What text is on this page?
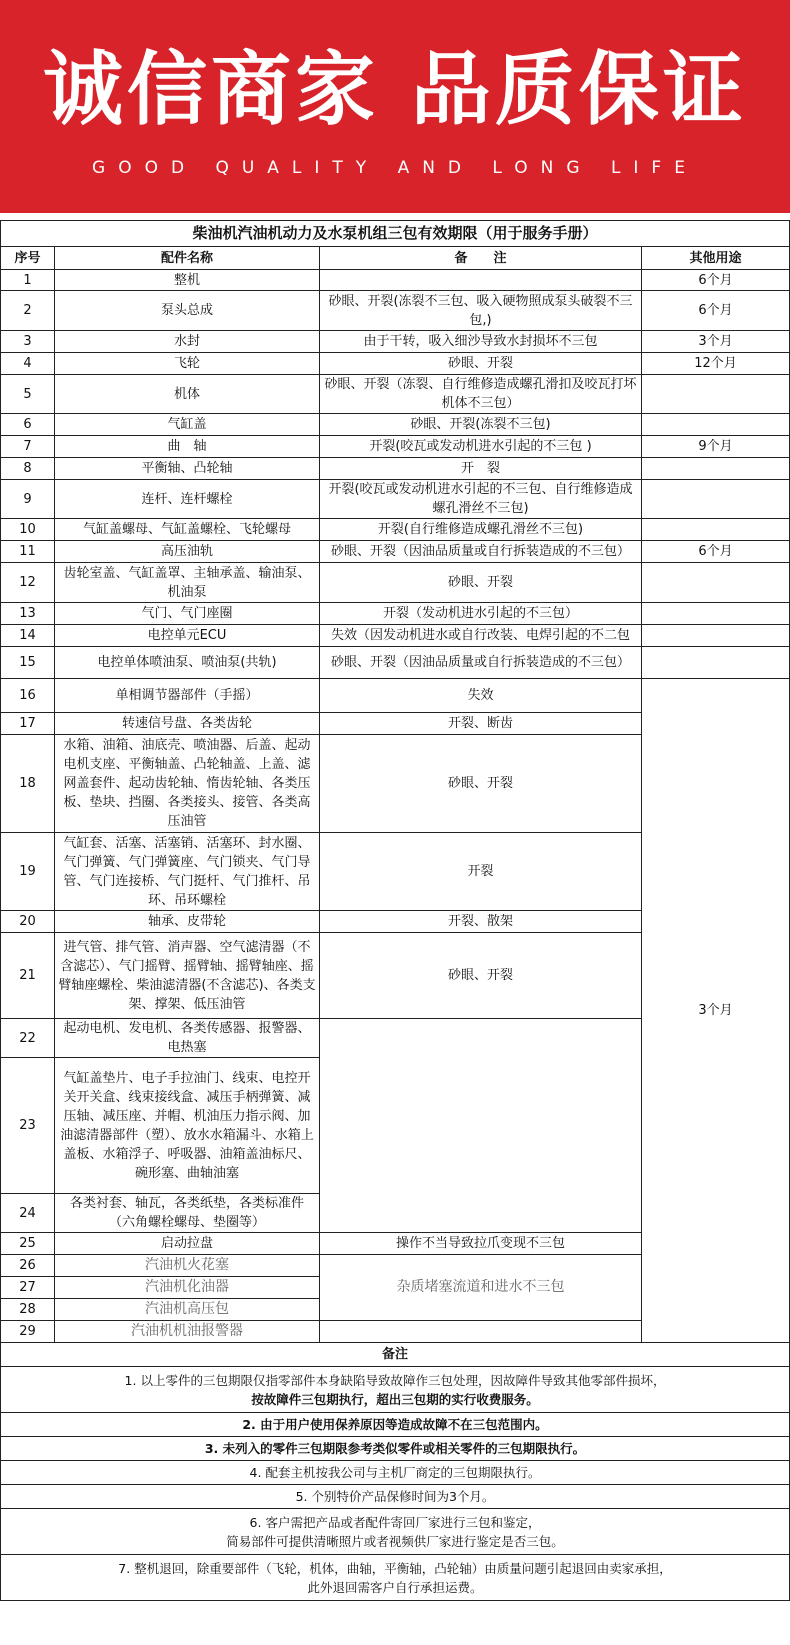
诚信商家 品质保证
GOOD QUALITY AND LONG LIFE
柴油机汽油机动力及水泵机组三包有效期限（用于服务手册）			
序号	配件名称	备　　注	其他用途
1	整机		6个月
2	泵头总成	砂眼、开裂(冻裂不三包、吸入硬物照成泵头破裂不三包,)	6个月
3	水封	由于干转，吸入细沙导致水封损坏不三包	3个月
4	飞轮	砂眼、开裂	12个月
5	机体	砂眼、开裂（冻裂、自行维修造成螺孔滑扣及咬瓦打坏机体不三包）	
6	气缸盖	砂眼、开裂(冻裂不三包)	
7	曲　轴	开裂(咬瓦或发动机进水引起的不三包 )	9个月
8	平衡轴、凸轮轴	开　裂	
9	连杆、连杆螺栓	开裂(咬瓦或发动机进水引起的不三包、自行维修造成螺孔滑丝不三包)	
10	气缸盖螺母、气缸盖螺栓、飞轮螺母	开裂(自行维修造成螺孔滑丝不三包)	
11	高压油轨	砂眼、开裂（因油品质量或自行拆装造成的不三包）	6个月
12	齿轮室盖、气缸盖罩、主轴承盖、输油泵、机油泵	砂眼、开裂	
13	气门、气门座圈	开裂（发动机进水引起的不三包）	
14	电控单元ECU	失效（因发动机进水或自行改装、电焊引起的不二包	
15	电控单体喷油泵、喷油泵(共轨)	砂眼、开裂（因油品质量或自行拆装造成的不三包）	
16	单相调节器部件（手摇）	失效	3个月
17	转速信号盘、各类齿轮	开裂、断齿	
18	水箱、油箱、油底壳、喷油器、后盖、起动电机支座、平衡轴盖、凸轮轴盖、上盖、滤网盖套件、起动齿轮轴、惰齿轮轴、各类压板、垫块、挡圈、各类接头、接管、各类高压油管	砂眼、开裂	
19	气缸套、活塞、活塞销、活塞环、封水圈、气门弹簧、气门弹簧座、气门锁夹、气门导管、气门连接桥、气门挺杆、气门推杆、吊环、吊环螺栓	开裂	
20	轴承、皮带轮	开裂、散架	
21	进气管、排气管、消声器、空气滤清器（不含滤芯）、气门摇臂、摇臂轴、摇臂轴座、摇臂轴座螺栓、柴油滤清器(不含滤芯)、各类支架、撑架、低压油管	砂眼、开裂	
22	起动电机、发电机、各类传感器、报警器、电热塞		
23	气缸盖垫片、电子手拉油门、线束、电控开关开关盒、线束接线盒、减压手柄弹簧、减压轴、减压座、并帽、机油压力指示阀、加油滤清器部件（塑）、放水水箱漏斗、水箱上盖板、水箱浮子、呼吸器、油箱盖油标尺、碗形塞、曲轴油塞		
24	各类衬套、轴瓦，各类纸垫，各类标准件（六角螺栓螺母、垫圈等）		
25	启动拉盘	操作不当导致拉爪变现不三包	
26	汽油机火花塞	杂质堵塞流道和进水不三包	
27	汽油机化油器		
28	汽油机高压包		
29	汽油机机油报警器		
备注			

1. 以上零件的三包期限仅指零部件本身缺陷导致故障作三包处理，因故障件导致其他零部件损坏，
按故障件三包期执行，超出三包期的实行收费服务。			

2. 由于用户使用保养原因等造成故障不在三包范围内。			
3. 未列入的零件三包期限参考类似零件或相关零件的三包期限执行。			
4. 配套主机按我公司与主机厂商定的三包期限执行。			
5. 个别特价产品保修时间为3个月。			

6. 客户需把产品或者配件寄回厂家进行三包和鉴定，
简易部件可提供清晰照片或者视频供厂家进行鉴定是否三包。			

7. 整机退回，除重要部件（飞轮，机体，曲轴，平衡轴，凸轮轴）由质量问题引起退回由卖家承担，
此外退回需客户自行承担运费。			
